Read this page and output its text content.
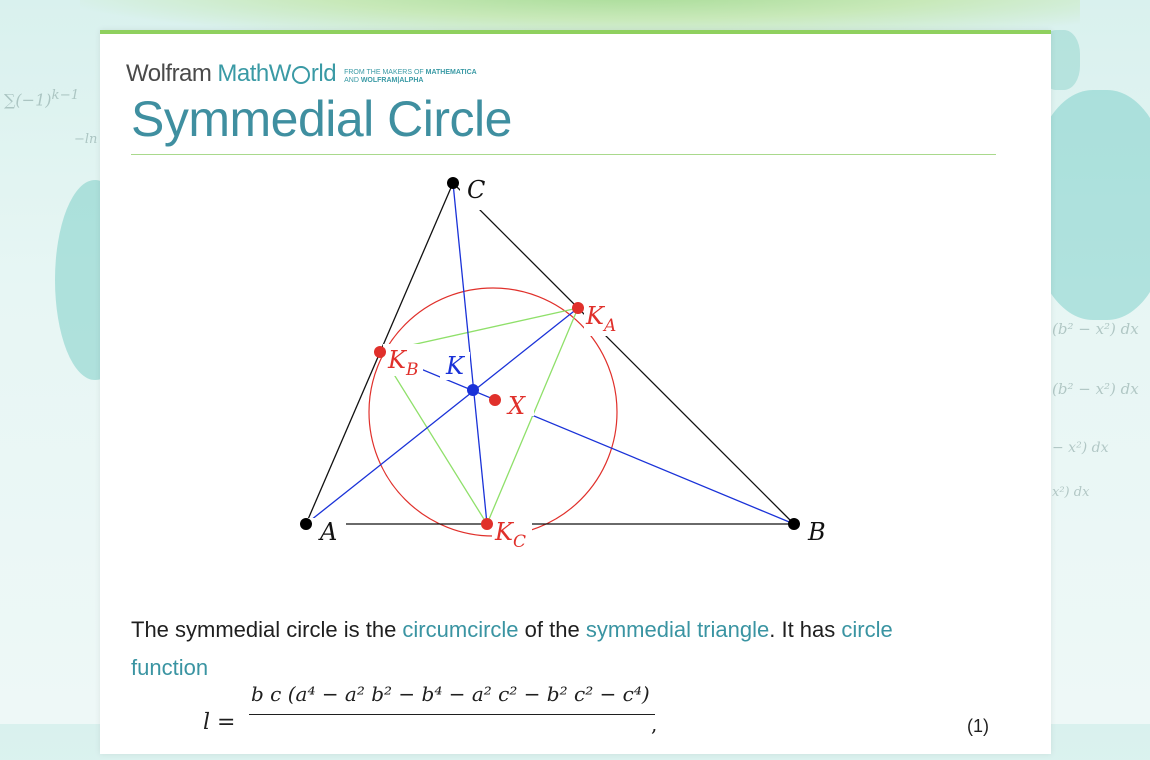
$\sum(-1)^{k-1}$
−ln
(b² − x²) dx
(b² − x²) dx
− x²) dx
x²) dx
Wolfram MathW rld FROM THE MAKERS OF MATHEMATICA
AND WOLFRAM|ALPHA
Symmedial Circle
C
A	B
K
X
$K_A$
$K_B$
$K_C$

The symmedial circle is the circumcircle of the symmedial triangle. It has circle function

l =
b c (a⁴ − a² b² − b⁴ − a² c² − b² c² − c⁴)
,	(1)
